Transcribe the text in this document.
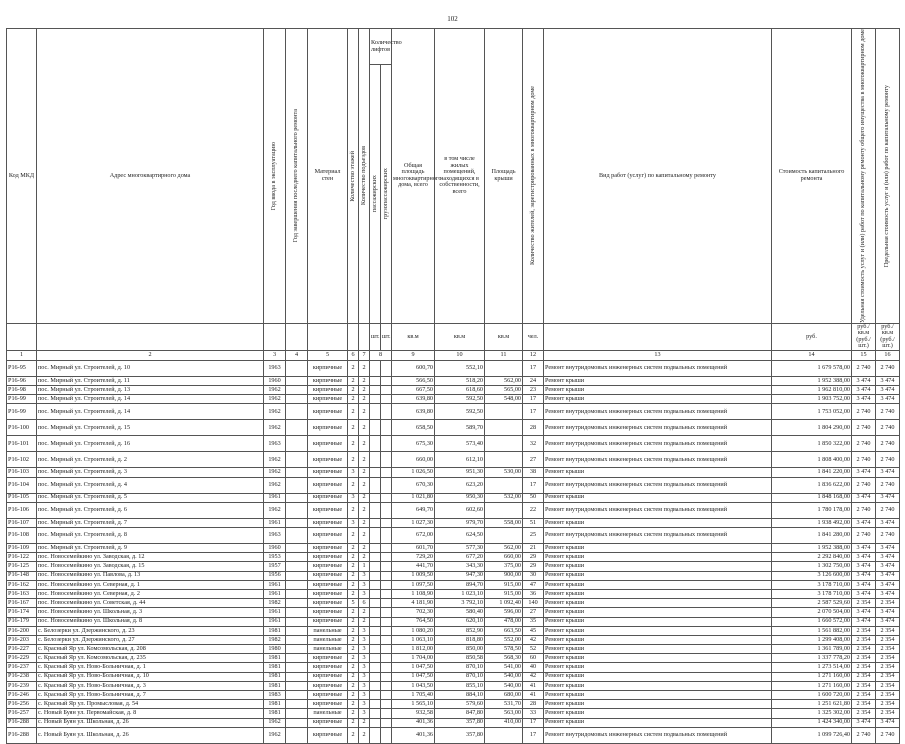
102
Код МКД	Адрес многоквартирного дома	Год ввода в эксплуатацию	Год завершения последнего капитального ремонта	Материал стен	Количество этажей	Количество подъездов	Количество лифтов		Общая площадь многоквартирного дома, всего	в том числе жилых помещений, находящихся в собственности, всего	Площадь крыши	Количество жителей, зарегистрированных в многоквартирном доме	Вид работ (услуг) по капитальному ремонту	Стоимость капитального ремонта	Удельная стоимость услуг и (или) работ по капитальному ремонту общего имущества в многоквартирном доме	Предельная стоимость услуг и (или) работ по капитальному ремонту

							пассажирских	грузопассажирских								

							шт.	шт.	кв.м	кв.м	кв.м	чел.		руб.	руб./кв.м (руб./шт.)	руб./кв.м (руб./шт.)
1	2	3	4	5	6	7	8		9	10	11	12	13	14	15	16
Р16-95	пос. Мирный ул. Строителей, д. 10	1963		кирпичные	2	2			600,70	552,10		17	Ремонт внутридомовых инженерных систем подвальных помещений	1 679 578,00	2 740	2 740
Р16-96	пос. Мирный ул. Строителей, д. 11	1960		кирпичные	2	2			566,50	518,20	562,00	24	Ремонт крыши	1 952 388,00	3 474	3 474
Р16-98	пос. Мирный ул. Строителей, д. 13	1962		кирпичные	2	2			667,50	618,60	565,00	23	Ремонт крыши	1 962 810,00	3 474	3 474
Р16-99	пос. Мирный ул. Строителей, д. 14	1962		кирпичные	2	2			639,80	592,50	548,00	17	Ремонт крыши	1 903 752,00	3 474	3 474
Р16-99	пос. Мирный ул. Строителей, д. 14	1962		кирпичные	2	2			639,80	592,50		17	Ремонт внутридомовых инженерных систем подвальных помещений	1 753 052,00	2 740	2 740
Р16-100	пос. Мирный ул. Строителей, д. 15	1962		кирпичные	2	2			658,50	589,70		28	Ремонт внутридомовых инженерных систем подвальных помещений	1 804 290,00	2 740	2 740
Р16-101	пос. Мирный ул. Строителей, д. 16	1963		кирпичные	2	2			675,30	573,40		32	Ремонт внутридомовых инженерных систем подвальных помещений	1 850 322,00	2 740	2 740
Р16-102	пос. Мирный ул. Строителей, д. 2	1962		кирпичные	2	2			660,00	612,10		27	Ремонт внутридомовых инженерных систем подвальных помещений	1 808 400,00	2 740	2 740
Р16-103	пос. Мирный ул. Строителей, д. 3	1962		кирпичные	3	2			1 026,50	951,30	530,00	38	Ремонт крыши	1 841 220,00	3 474	3 474
Р16-104	пос. Мирный ул. Строителей, д. 4	1962		кирпичные	2	2			670,30	623,20		17	Ремонт внутридомовых инженерных систем подвальных помещений	1 836 622,00	2 740	2 740
Р16-105	пос. Мирный ул. Строителей, д. 5	1961		кирпичные	3	2			1 021,80	950,30	532,00	50	Ремонт крыши	1 848 168,00	3 474	3 474
Р16-106	пос. Мирный ул. Строителей, д. 6	1962		кирпичные	2	2			649,70	602,60		22	Ремонт внутридомовых инженерных систем подвальных помещений	1 780 178,00	2 740	2 740
Р16-107	пос. Мирный ул. Строителей, д. 7	1961		кирпичные	3	2			1 027,30	979,70	558,00	51	Ремонт крыши	1 938 492,00	3 474	3 474
Р16-108	пос. Мирный ул. Строителей, д. 8	1963		кирпичные	2	2			672,00	624,50		25	Ремонт внутридомовых инженерных систем подвальных помещений	1 841 280,00	2 740	2 740
Р16-109	пос. Мирный ул. Строителей, д. 9	1960		кирпичные	2	2			601,70	577,30	562,00	21	Ремонт крыши	1 952 388,00	3 474	3 474
Р16-122	пос. Новосемейкино ул. Заводская, д. 12	1953		кирпичные	2	2			729,20	677,20	660,00	29	Ремонт крыши	2 292 840,00	3 474	3 474
Р16-125	пос. Новосемейкино ул. Заводская, д. 15	1957		кирпичные	2	1			441,70	343,30	375,00	29	Ремонт крыши	1 302 750,00	3 474	3 474
Р16-148	пос. Новосемейкино ул. Павлова, д. 13	1956		кирпичные	2	3			1 009,50	947,30	900,00	30	Ремонт крыши	3 126 600,00	3 474	3 474
Р16-162	пос. Новосемейкино ул. Северная, д. 1	1961		кирпичные	2	3			1 097,50	894,70	915,00	47	Ремонт крыши	3 178 710,00	3 474	3 474
Р16-163	пос. Новосемейкино ул. Северная, д. 2	1961		кирпичные	2	3			1 108,90	1 023,10	915,00	36	Ремонт крыши	3 178 710,00	3 474	3 474
Р16-167	пос. Новосемейкино ул. Советская, д. 44	1982		кирпичные	5	6			4 181,90	3 792,10	1 092,40	140	Ремонт крыши	2 587 529,60	2 354	2 354
Р16-174	пос. Новосемейкино ул. Школьная, д. 3	1961		кирпичные	2	2			702,30	580,40	596,00	27	Ремонт крыши	2 070 504,00	3 474	3 474
Р16-179	пос. Новосемейкино ул. Школьная, д. 8	1961		кирпичные	2	2			764,50	620,10	478,00	35	Ремонт крыши	1 660 572,00	3 474	3 474
Р16-200	с. Белозерки ул. Дзержинского, д. 23	1981		панельные	2	3			1 080,20	852,90	663,50	45	Ремонт крыши	1 561 882,00	2 354	2 354
Р16-203	с. Белозерки ул. Дзержинского, д. 27	1982		панельные	2	3			1 063,10	818,80	552,00	42	Ремонт крыши	1 299 408,00	2 354	2 354
Р16-227	с. Красный Яр ул. Комсомольская, д. 208	1980		панельные	2	3			1 812,00	850,00	578,50	52	Ремонт крыши	1 361 789,00	2 354	2 354
Р16-229	с. Красный Яр ул. Комсомольская, д. 235	1981		кирпичные	2	3			1 704,00	850,58	568,30	60	Ремонт крыши	1 337 778,20	2 354	2 354
Р16-237	с. Красный Яр ул. Ново-Больничная, д. 1	1981		кирпичные	2	3			1 047,50	870,10	541,00	40	Ремонт крыши	1 273 514,00	2 354	2 354
Р16-238	с. Красный Яр ул. Ново-Больничная, д. 10	1981		кирпичные	2	3			1 047,50	870,10	540,00	42	Ремонт крыши	1 271 160,00	2 354	2 354
Р16-239	с. Красный Яр ул. Ново-Больничная, д. 3	1981		кирпичные	2	3			1 043,50	855,10	540,00	41	Ремонт крыши	1 271 160,00	2 354	2 354
Р16-246	с. Красный Яр ул. Ново-Больничная, д. 7	1983		кирпичные	2	3			1 705,40	884,10	680,00	41	Ремонт крыши	1 600 720,00	2 354	2 354
Р16-256	с. Красный Яр ул. Промысловая, д. 54	1981		кирпичные	2	3			1 565,10	579,60	531,70	28	Ремонт крыши	1 251 621,80	2 354	2 354
Р16-257	с. Новый Буян ул. Первомайская, д. 8	1981		панельные	2	3			932,58	847,80	563,00	33	Ремонт крыши	1 325 302,00	2 354	2 354
Р16-288	с. Новый Буян ул. Школьная, д. 26	1962		кирпичные	2	2			401,36	357,80	410,00	17	Ремонт крыши	1 424 340,00	3 474	3 474
Р16-288	с. Новый Буян ул. Школьная, д. 26	1962		кирпичные	2	2			401,36	357,80		17	Ремонт внутридомовых инженерных систем подвальных помещений	1 099 726,40	2 740	2 740
